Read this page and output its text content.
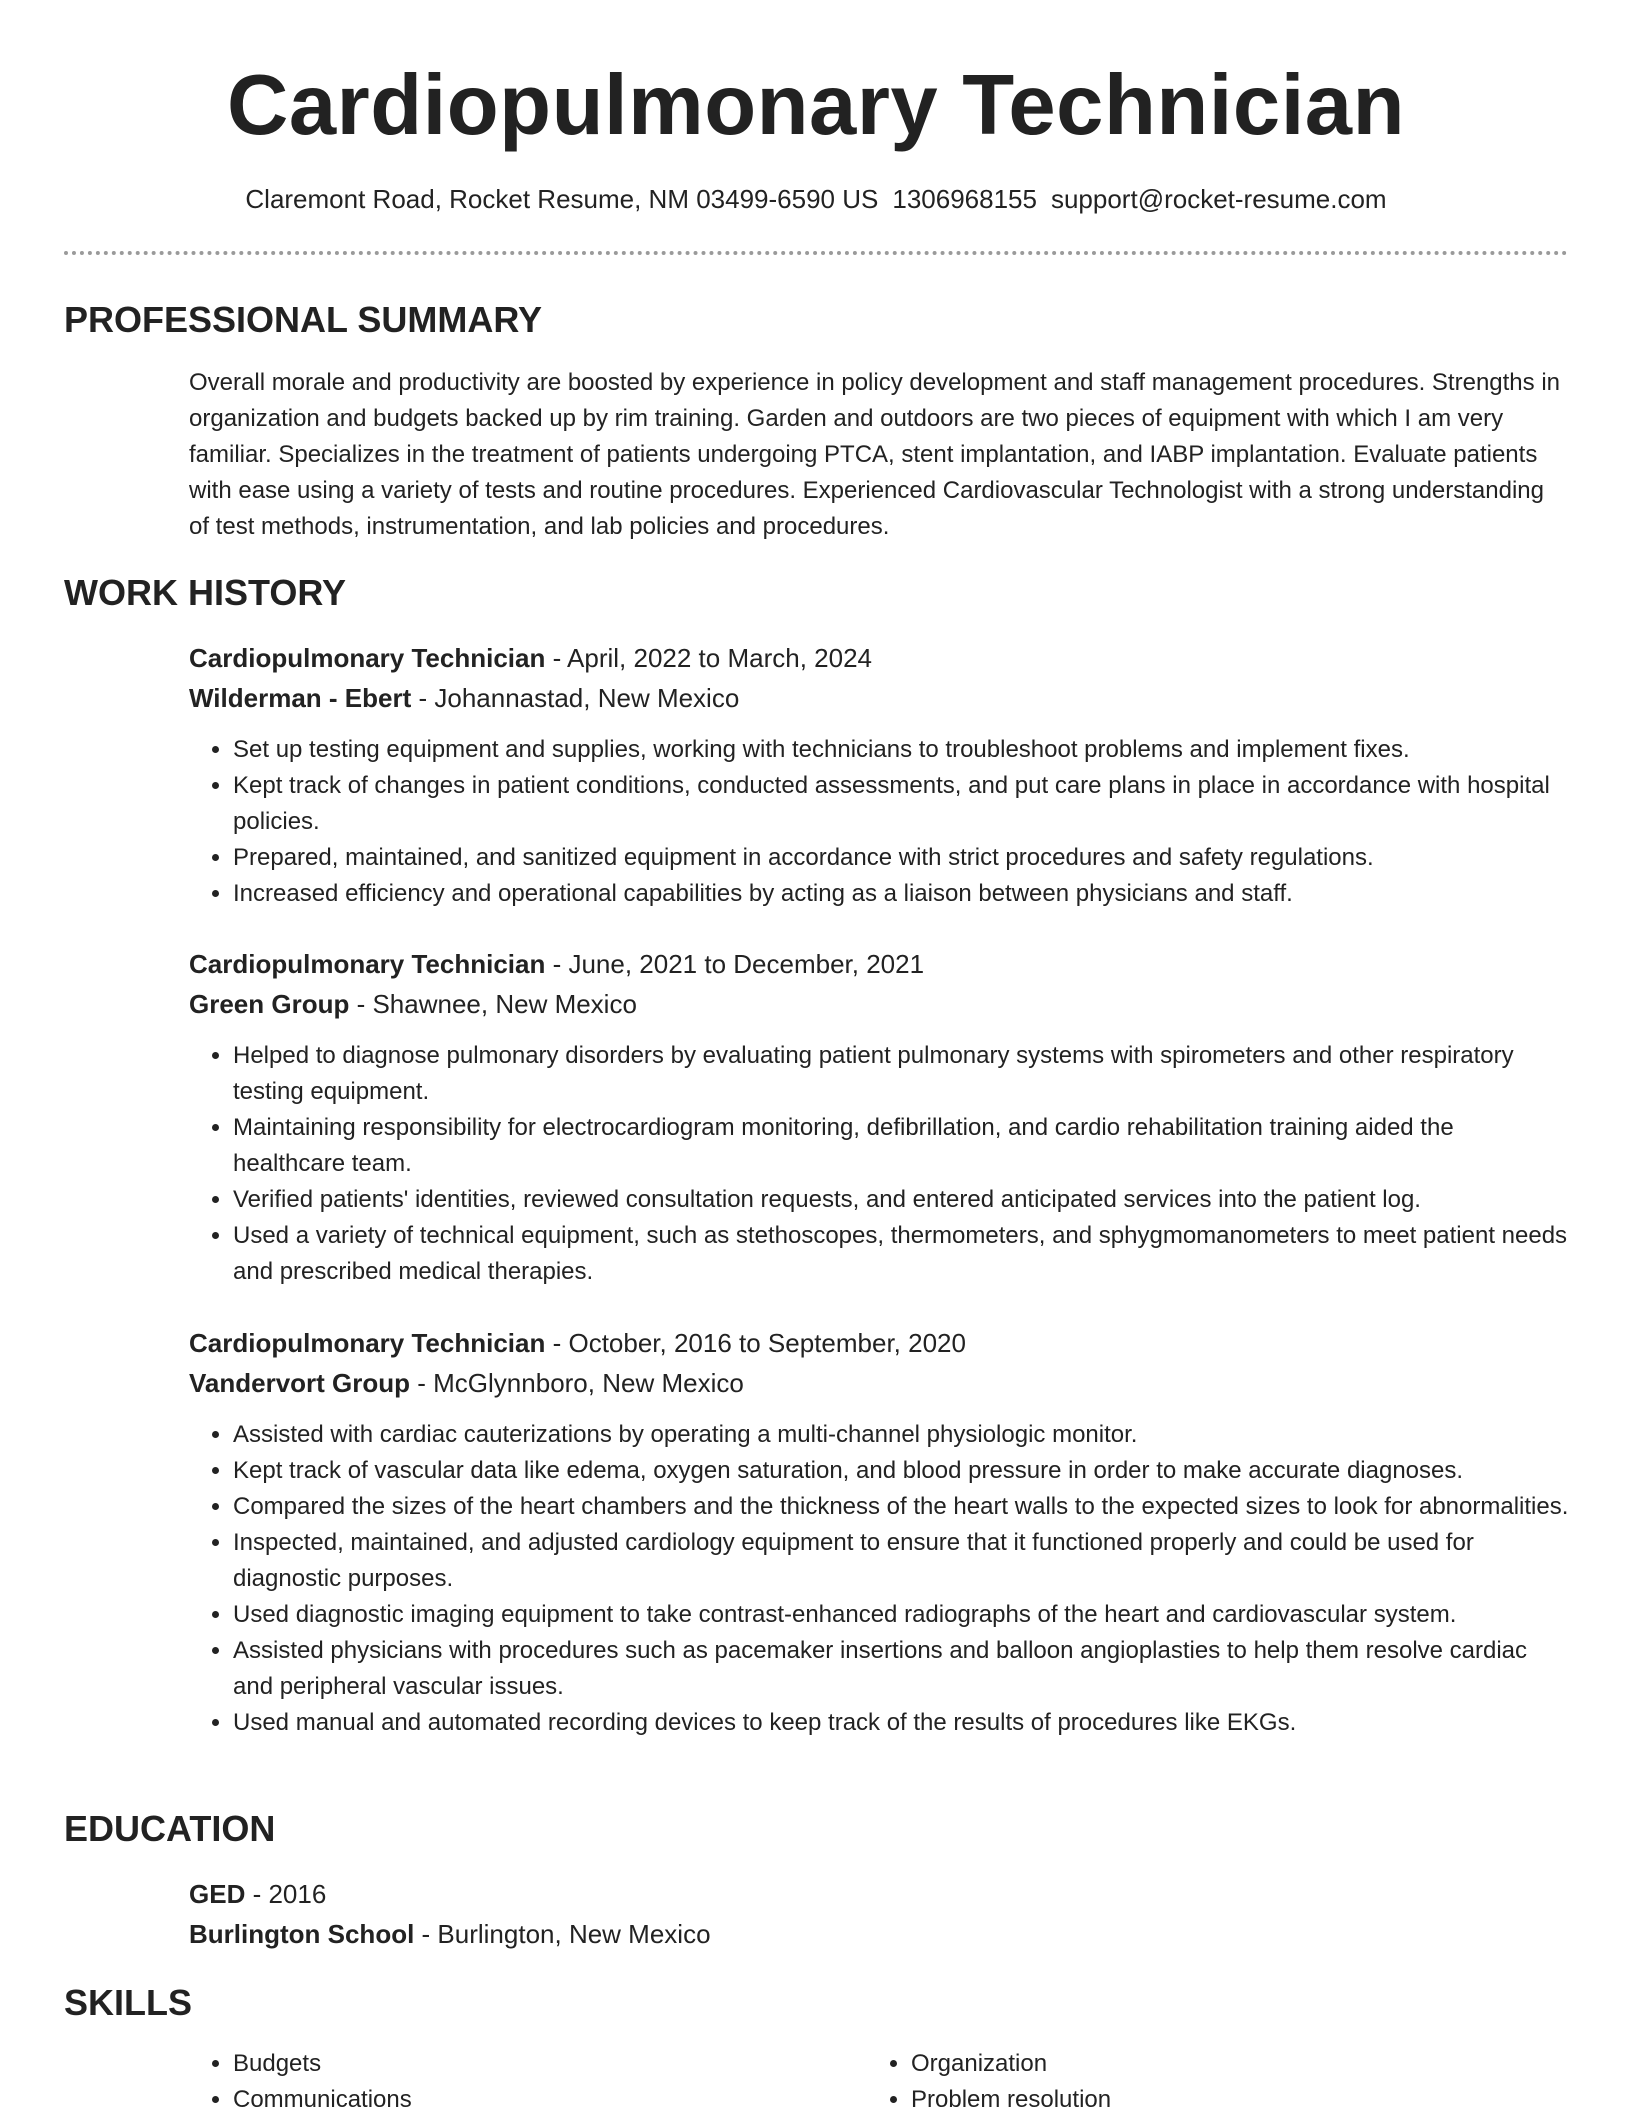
Cardiopulmonary Technician
Claremont Road, Rocket Resume, NM 03499-6590 US 1306968155 support@rocket-resume.com
PROFESSIONAL SUMMARY

Overall morale and productivity are boosted by experience in policy development and staff management procedures. Strengths in organization and budgets backed up by rim training. Garden and outdoors are two pieces of equipment with which I am very familiar. Specializes in the treatment of patients undergoing PTCA, stent implantation, and IABP implantation. Evaluate patients with ease using a variety of tests and routine procedures. Experienced Cardiovascular Technologist with a strong understanding of test methods, instrumentation, and lab policies and procedures.

WORK HISTORY

Cardiopulmonary Technician - April, 2022 to March, 2024

Wilderman - Ebert - Johannastad, New Mexico

• Set up testing equipment and supplies, working with technicians to troubleshoot problems and implement fixes.
• Kept track of changes in patient conditions, conducted assessments, and put care plans in place in accordance with hospital policies.
• Prepared, maintained, and sanitized equipment in accordance with strict procedures and safety regulations.
• Increased efficiency and operational capabilities by acting as a liaison between physicians and staff.

Cardiopulmonary Technician - June, 2021 to December, 2021

Green Group - Shawnee, New Mexico

• Helped to diagnose pulmonary disorders by evaluating patient pulmonary systems with spirometers and other respiratory testing equipment.
• Maintaining responsibility for electrocardiogram monitoring, defibrillation, and cardio rehabilitation training aided the healthcare team.
• Verified patients' identities, reviewed consultation requests, and entered anticipated services into the patient log.
• Used a variety of technical equipment, such as stethoscopes, thermometers, and sphygmomanometers to meet patient needs and prescribed medical therapies.

Cardiopulmonary Technician - October, 2016 to September, 2020

Vandervort Group - McGlynnboro, New Mexico

• Assisted with cardiac cauterizations by operating a multi-channel physiologic monitor.
• Kept track of vascular data like edema, oxygen saturation, and blood pressure in order to make accurate diagnoses.
• Compared the sizes of the heart chambers and the thickness of the heart walls to the expected sizes to look for abnormalities.
• Inspected, maintained, and adjusted cardiology equipment to ensure that it functioned properly and could be used for diagnostic purposes.
• Used diagnostic imaging equipment to take contrast-enhanced radiographs of the heart and cardiovascular system.
• Assisted physicians with procedures such as pacemaker insertions and balloon angioplasties to help them resolve cardiac and peripheral vascular issues.
• Used manual and automated recording devices to keep track of the results of procedures like EKGs.
EDUCATION

GED - 2016

Burlington School - Burlington, New Mexico

SKILLS
• Budgets
• Communications
• Organization
• Problem resolution
